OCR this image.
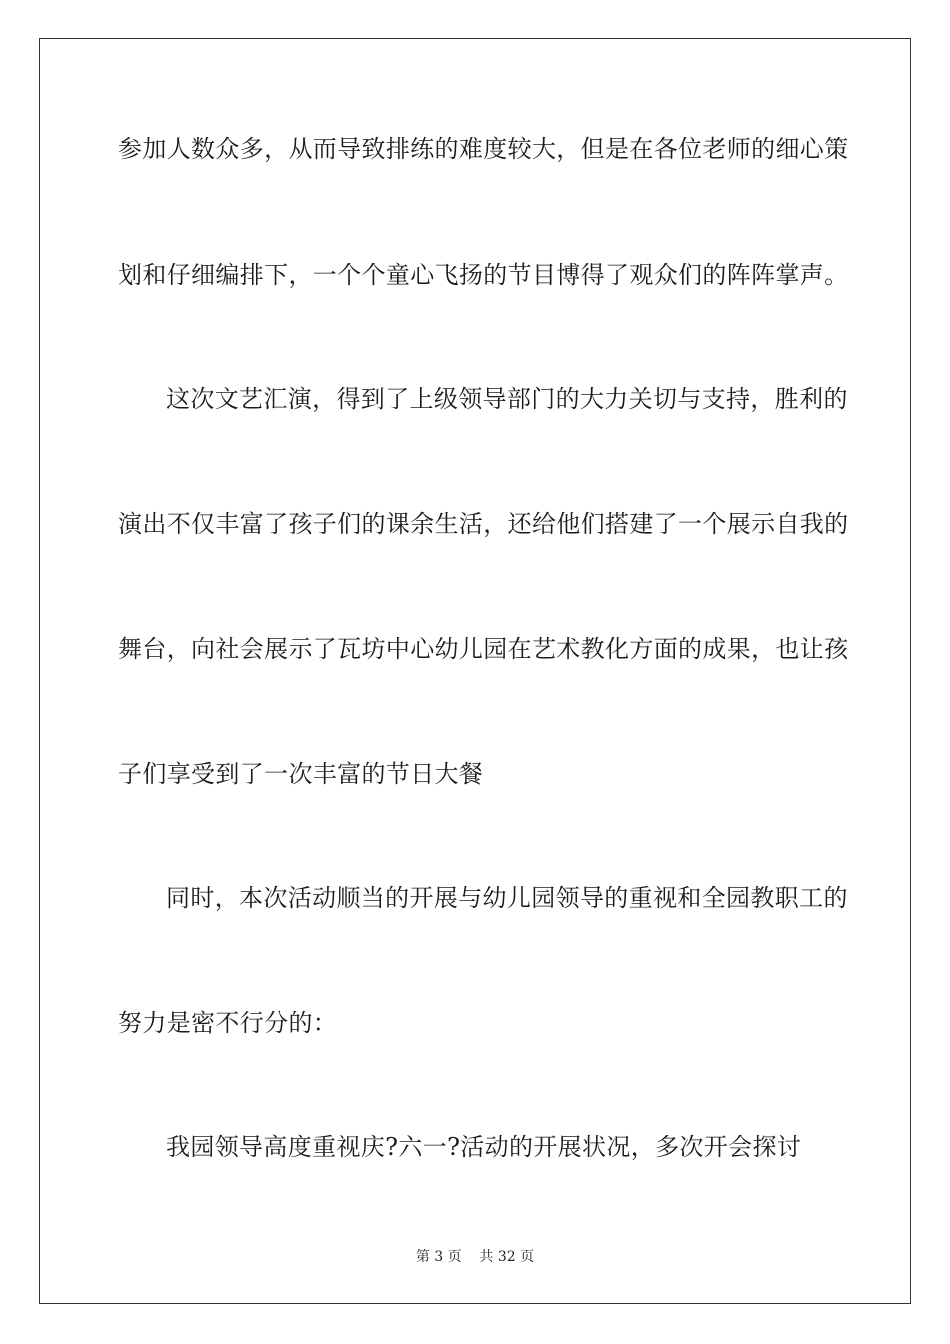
参加人数众多，从而导致排练的难度较大，但是在各位老师的细心策
划和仔细编排下，一个个童心飞扬的节目博得了观众们的阵阵掌声。
这次文艺汇演，得到了上级领导部门的大力关切与支持，胜利的
演出不仅丰富了孩子们的课余生活，还给他们搭建了一个展示自我的
舞台，向社会展示了瓦坊中心幼儿园在艺术教化方面的成果，也让孩
子们享受到了一次丰富的节日大餐
同时，本次活动顺当的开展与幼儿园领导的重视和全园教职工的
努力是密不行分的：
我园领导高度重视庆?六一?活动的开展状况，多次开会探讨
第 3 页    共 32 页
